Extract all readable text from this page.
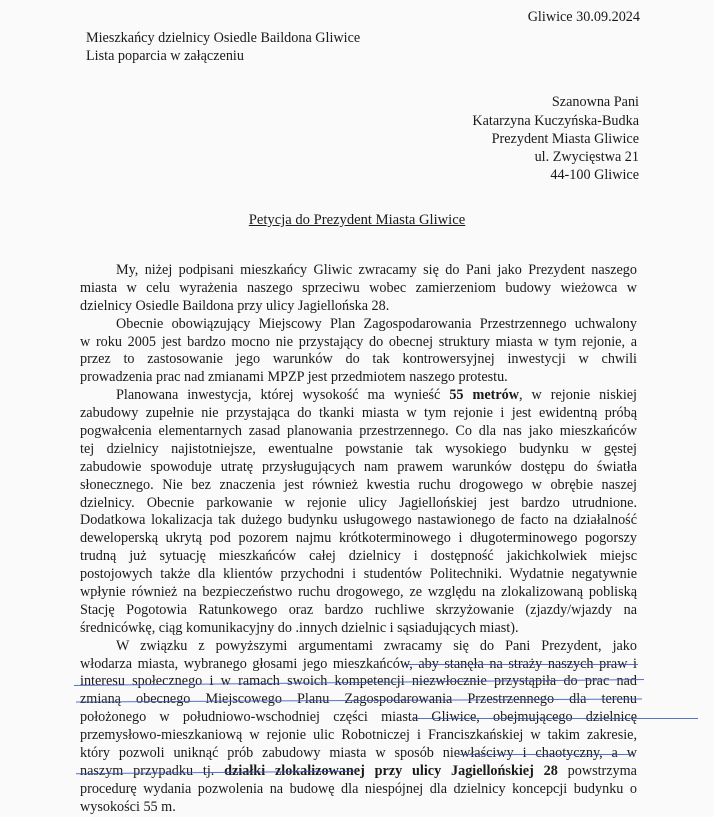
Gliwice 30.09.2024
Mieszkańcy dzielnicy Osiedle Baildona Gliwice
Lista poparcia w załączeniu
Szanowna Pani
Katarzyna Kuczyńska-Budka
Prezydent Miasta Gliwice
ul. Zwycięstwa 21
44-100 Gliwice
Petycja do Prezydent Miasta Gliwice
My, niżej podpisani mieszkańcy Gliwic zwracamy się do Pani jako Prezydent naszego
miasta w celu wyrażenia naszego sprzeciwu wobec zamierzeniom budowy wieżowca w
dzielnicy Osiedle Baildona przy ulicy Jagiellońska 28.
Obecnie obowiązujący Miejscowy Plan Zagospodarowania Przestrzennego uchwalony
w roku 2005 jest bardzo mocno nie przystający do obecnej struktury miasta w tym rejonie, a
przez to zastosowanie jego warunków do tak kontrowersyjnej inwestycji w chwili
prowadzenia prac nad zmianami MPZP jest przedmiotem naszego protestu.
Planowana inwestycja, której wysokość ma wynieść 55 metrów, w rejonie niskiej
zabudowy zupełnie nie przystająca do tkanki miasta w tym rejonie i jest ewidentną próbą
pogwałcenia elementarnych zasad planowania przestrzennego. Co dla nas jako mieszkańców
tej dzielnicy najistotniejsze, ewentualne powstanie tak wysokiego budynku w gęstej
zabudowie spowoduje utratę przysługujących nam prawem warunków dostępu do światła
słonecznego. Nie bez znaczenia jest również kwestia ruchu drogowego w obrębie naszej
dzielnicy. Obecnie parkowanie w rejonie ulicy Jagiellońskiej jest bardzo utrudnione.
Dodatkowa lokalizacja tak dużego budynku usługowego nastawionego de facto na działalność
deweloperską ukrytą pod pozorem najmu krótkoterminowego i długoterminowego pogorszy
trudną już sytuację mieszkańców całej dzielnicy i dostępność jakichkolwiek miejsc
postojowych także dla klientów przychodni i studentów Politechniki. Wydatnie negatywnie
wpłynie również na bezpieczeństwo ruchu drogowego, ze względu na zlokalizowaną pobliską
Stację Pogotowia Ratunkowego oraz bardzo ruchliwe skrzyżowanie (zjazdy/wjazdy na
średnicówkę, ciąg komunikacyjny do .innych dzielnic i sąsiadujących miast).
W związku z powyższymi argumentami zwracamy się do Pani Prezydent, jako
włodarza miasta, wybranego głosami jego mieszkańców, aby stanęła na straży naszych praw i
interesu społecznego i w ramach swoich kompetencji niezwłocznie przystąpiła do prac nad
zmianą obecnego Miejscowego Planu Zagospodarowania Przestrzennego dla terenu
położonego w południowo-wschodniej części miasta Gliwice, obejmującego dzielnicę
przemysłowo-mieszkaniową w rejonie ulic Robotniczej i Franciszkańskiej w takim zakresie,
który pozwoli uniknąć prób zabudowy miasta w sposób niewłaściwy i chaotyczny, a w
naszym przypadku tj. działki zlokalizowanej przy ulicy Jagiellońskiej 28 powstrzyma
procedurę wydania pozwolenia na budowę dla niespójnej dla dzielnicy koncepcji budynku o
wysokości 55 m.
